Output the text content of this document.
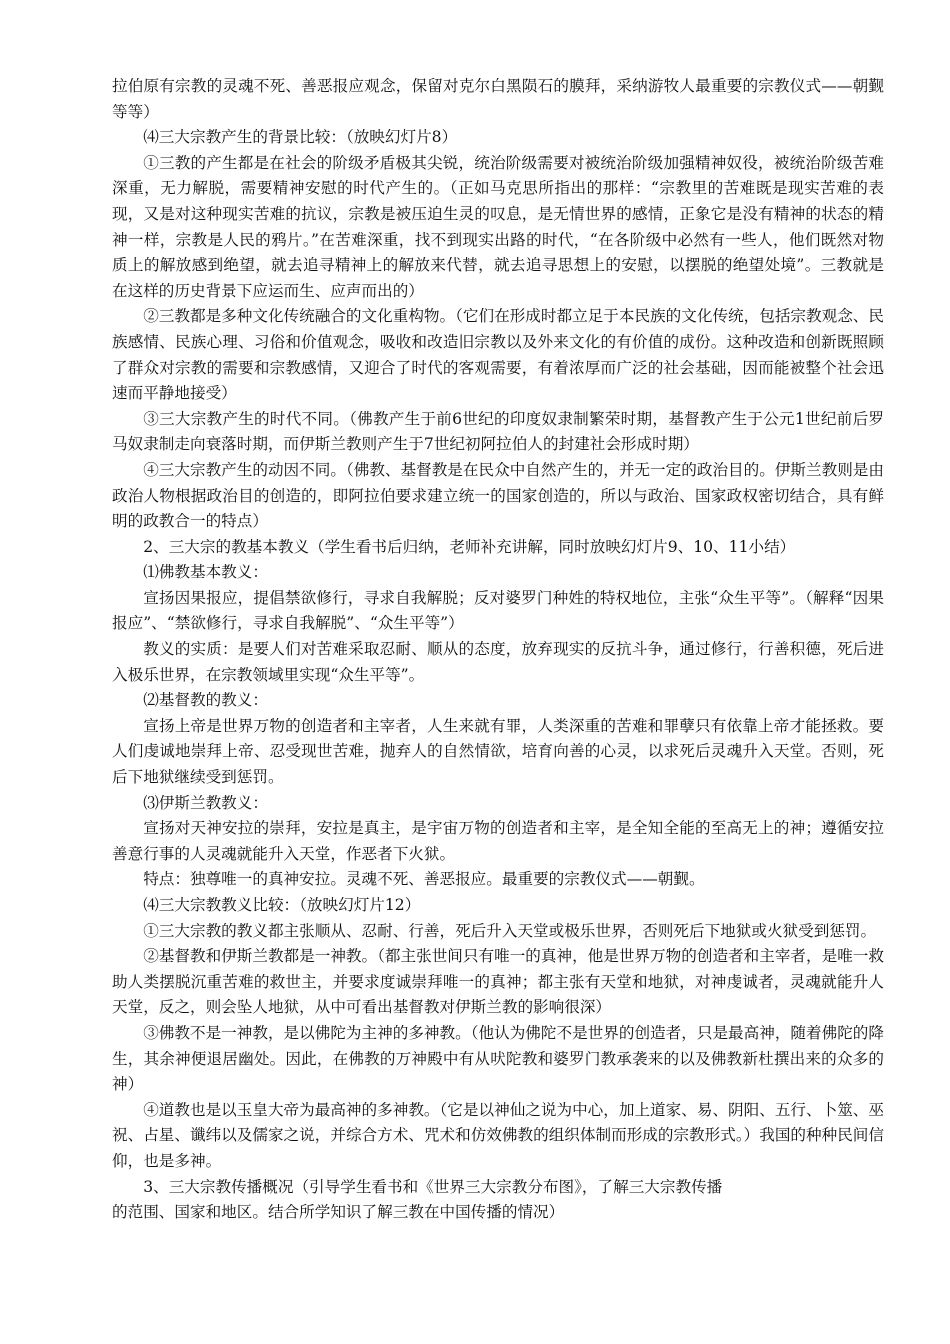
拉伯原有宗教的灵魂不死、善恶报应观念，保留对克尔白黑陨石的膜拜，采纳游牧人最重要的宗教仪式——朝觐等等）

⑷三大宗教产生的背景比较：（放映幻灯片8）

①三教的产生都是在社会的阶级矛盾极其尖锐，统治阶级需要对被统治阶级加强精神奴役，被统治阶级苦难深重，无力解脱，需要精神安慰的时代产生的。（正如马克思所指出的那样：“宗教里的苦难既是现实苦难的表现，又是对这种现实苦难的抗议，宗教是被压迫生灵的叹息，是无情世界的感情，正象它是没有精神的状态的精神一样，宗教是人民的鸦片。”在苦难深重，找不到现实出路的时代，“在各阶级中必然有一些人，他们既然对物质上的解放感到绝望，就去追寻精神上的解放来代替，就去追寻思想上的安慰，以摆脱的绝望处境”。三教就是在这样的历史背景下应运而生、应声而出的）

②三教都是多种文化传统融合的文化重构物。（它们在形成时都立足于本民族的文化传统，包括宗教观念、民族感情、民族心理、习俗和价值观念，吸收和改造旧宗教以及外来文化的有价值的成份。这种改造和创新既照顾了群众对宗教的需要和宗教感情，又迎合了时代的客观需要，有着浓厚而广泛的社会基础，因而能被整个社会迅速而平静地接受）

③三大宗教产生的时代不同。（佛教产生于前6世纪的印度奴隶制繁荣时期，基督教产生于公元1世纪前后罗马奴隶制走向衰落时期，而伊斯兰教则产生于7世纪初阿拉伯人的封建社会形成时期）

④三大宗教产生的动因不同。（佛教、基督教是在民众中自然产生的，并无一定的政治目的。伊斯兰教则是由政治人物根据政治目的创造的，即阿拉伯要求建立统一的国家创造的，所以与政治、国家政权密切结合，具有鲜明的政教合一的特点）

2、三大宗的教基本教义（学生看书后归纳，老师补充讲解，同时放映幻灯片9、10、11小结）

⑴佛教基本教义：

宣扬因果报应，提倡禁欲修行，寻求自我解脱；反对婆罗门种姓的特权地位，主张“众生平等”。（解释“因果报应”、“禁欲修行，寻求自我解脱”、“众生平等”）

教义的实质：是要人们对苦难采取忍耐、顺从的态度，放弃现实的反抗斗争，通过修行，行善积德，死后进入极乐世界，在宗教领域里实现“众生平等”。

⑵基督教的教义：

宣扬上帝是世界万物的创造者和主宰者，人生来就有罪，人类深重的苦难和罪孽只有依靠上帝才能拯救。要人们虔诚地崇拜上帝、忍受现世苦难，抛弃人的自然情欲，培育向善的心灵，以求死后灵魂升入天堂。否则，死后下地狱继续受到惩罚。

⑶伊斯兰教教义：

宣扬对天神安拉的崇拜，安拉是真主，是宇宙万物的创造者和主宰，是全知全能的至高无上的神；遵循安拉善意行事的人灵魂就能升入天堂，作恶者下火狱。

特点：独尊唯一的真神安拉。灵魂不死、善恶报应。最重要的宗教仪式——朝觐。

⑷三大宗教教义比较：（放映幻灯片12）

①三大宗教的教义都主张顺从、忍耐、行善，死后升入天堂或极乐世界，否则死后下地狱或火狱受到惩罚。

②基督教和伊斯兰教都是一神教。（都主张世间只有唯一的真神，他是世界万物的创造者和主宰者，是唯一救助人类摆脱沉重苦难的救世主，并要求度诚崇拜唯一的真神；都主张有天堂和地狱，对神虔诚者，灵魂就能升人天堂，反之，则会坠人地狱，从中可看出基督教对伊斯兰教的影响很深）

③佛教不是一神教，是以佛陀为主神的多神教。（他认为佛陀不是世界的创造者，只是最高神，随着佛陀的降生，其余神便退居幽处。因此，在佛教的万神殿中有从吠陀教和婆罗门教承袭来的以及佛教新杜撰出来的众多的神）

④道教也是以玉皇大帝为最高神的多神教。（它是以神仙之说为中心，加上道家、易、阴阳、五行、卜筮、巫祝、占星、谶纬以及儒家之说，并综合方术、咒术和仿效佛教的组织体制而形成的宗教形式。）我国的种种民间信仰，也是多神。

3、三大宗教传播概况（引导学生看书和《世界三大宗教分布图》，了解三大宗教传播

的范围、国家和地区。结合所学知识了解三教在中国传播的情况）
